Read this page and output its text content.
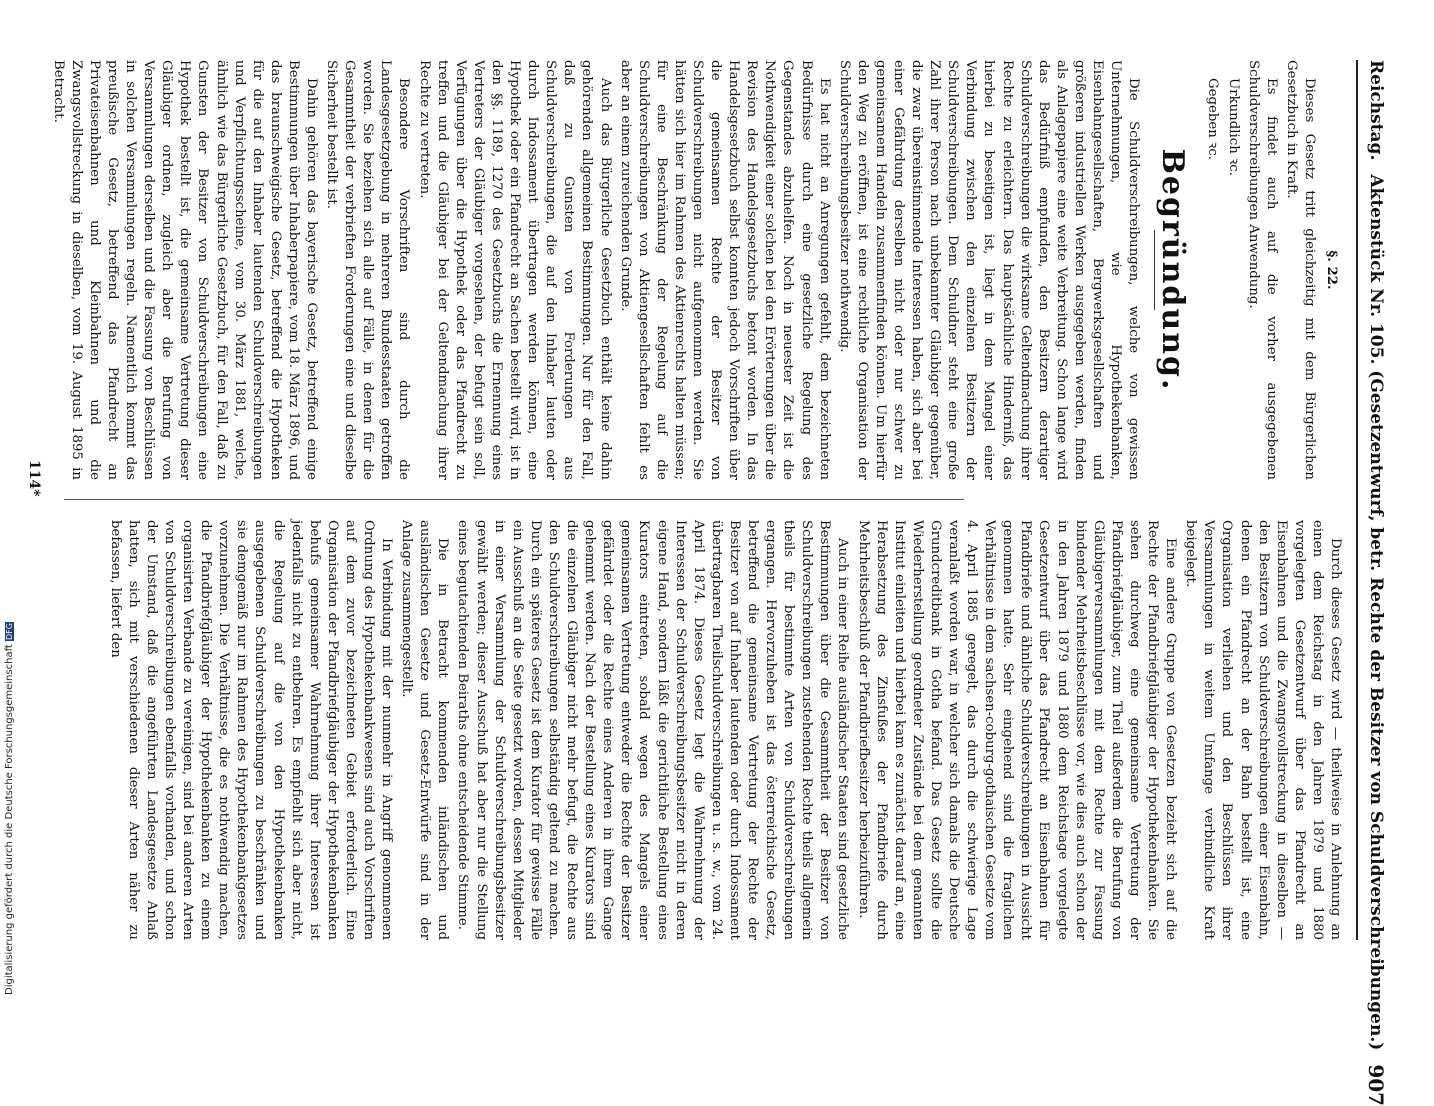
Reichstag.
Aktenstück Nr. 105. (Gesetzentwurf, betr. Rechte der Besitzer von Schuldverschreibungen.)
907
§. 22.

Dieses Gesetz tritt gleichzeitig mit dem Bürgerlichen Gesetzbuch in Kraft.

Es findet auch auf die vorher ausgegebenen Schuldverschreibungen Anwendung.

Urkundlich ꝛc.

Gegeben ꝛc.

Begründung.

Die Schuldverschreibungen, welche von gewissen Unternehmungen, wie Hypothekenbanken, Eisenbahngesellschaften, Bergwerksgesellschaften und größeren industriellen Werken ausgegeben werden, finden als Anlagepapiere eine weite Verbreitung. Schon lange wird das Bedürfniß empfunden, den Besitzern derartiger Schuldverschreibungen die wirksame Geltendmachung ihrer Rechte zu erleichtern. Das hauptsächliche Hinderniß, das hierbei zu beseitigen ist, liegt in dem Mangel einer Verbindung zwischen den einzelnen Besitzern der Schuldverschreibungen. Dem Schuldner steht eine große Zahl ihrer Person nach unbekannter Gläubiger gegenüber, die zwar übereinstimmende Interessen haben, sich aber bei einer Gefährdung derselben nicht oder nur schwer zu gemeinsamem Handeln zusammenfinden können. Um hierfür den Weg zu eröffnen, ist eine rechtliche Organisation der Schuldverschreibungsbesitzer nothwendig.

Es hat nicht an Anregungen gefehlt, dem bezeichneten Bedürfnisse durch eine gesetzliche Regelung des Gegenstandes abzuhelfen. Noch in neuester Zeit ist die Nothwendigkeit einer solchen bei den Erörterungen über die Revision des Handelsgesetzbuchs betont worden. In das Handelsgesetzbuch selbst konnten jedoch Vorschriften über die gemeinsamen Rechte der Besitzer von Schuldverschreibungen nicht aufgenommen werden. Sie hätten sich hier im Rahmen des Aktienrechts halten müssen; für eine Beschränkung der Regelung auf die Schuldverschreibungen von Aktiengesellschaften fehlt es aber an einem zureichenden Grunde.

Auch das Bürgerliche Gesetzbuch enthält keine dahin gehörenden allgemeinen Bestimmungen. Nur für den Fall, daß zu Gunsten von Forderungen aus Schuldverschreibungen, die auf den Inhaber lauten oder durch Indossament übertragen werden können, eine Hypothek oder ein Pfandrecht an Sachen bestellt wird, ist in den §§. 1189, 1270 des Gesetzbuchs die Ernennung eines Vertreters der Gläubiger vorgesehen, der befugt sein soll, Verfügungen über die Hypothek oder das Pfandrecht zu treffen und die Gläubiger bei der Geltendmachung ihrer Rechte zu vertreten.

Besondere Vorschriften sind durch die Landesgesetzgebung in mehreren Bundesstaaten getroffen worden. Sie beziehen sich alle auf Fälle, in denen für die Gesammtheit der verbrieften Forderungen eine und dieselbe Sicherheit bestellt ist.

Dahin gehören das bayerische Gesetz, betreffend einige Bestimmungen über Inhaberpapiere, vom 18. März 1896, und das braunschweigische Gesetz, betreffend die Hypotheken für die auf den Inhaber lautenden Schuldverschreibungen und Verpflichtungsscheine, vom 30. März 1881, welche, ähnlich wie das Bürgerliche Gesetzbuch, für den Fall, daß zu Gunsten der Besitzer von Schuldverschreibungen eine Hypothek bestellt ist, die gemeinsame Vertretung dieser Gläubiger ordnen, zugleich aber die Berufung von Versammlungen derselben und die Fassung von Beschlüssen in solchen Versammlungen regeln. Namentlich kommt das preußische Gesetz, betreffend das Pfandrecht an Privateisenbahnen und Kleinbahnen und die Zwangsvollstreckung in dieselben, vom 19. August 1895 in Betracht.

Durch dieses Gesetz wird — theilweise in Anlehnung an einen dem Reichstag in den Jahren 1879 und 1880 vorgelegten Gesetzentwurf über das Pfandrecht an Eisenbahnen und die Zwangsvollstreckung in dieselben — den Besitzern von Schuldverschreibungen einer Eisenbahn, denen ein Pfandrecht an der Bahn bestellt ist, eine Organisation verliehen und den Beschlüssen ihrer Versammlungen in weitem Umfange verbindliche Kraft beigelegt.

Eine andere Gruppe von Gesetzen bezieht sich auf die Rechte der Pfandbriefgläubiger der Hypothekenbanken. Sie sehen durchweg eine gemeinsame Vertretung der Pfandbriefgläubiger, zum Theil außerdem die Berufung von Gläubigerversammlungen mit dem Rechte zur Fassung bindender Mehrheitsbeschlüsse vor, wie dies auch schon der in den Jahren 1879 und 1880 dem Reichstage vorgelegte Gesetzentwurf über das Pfandrecht an Eisenbahnen für Pfandbriefe und ähnliche Schuldverschreibungen in Aussicht genommen hatte. Sehr eingehend sind die fraglichen Verhältnisse in dem sachsen-coburg-gothaischen Gesetze vom 4. April 1885 geregelt, das durch die schwierige Lage veranlaßt worden war, in welcher sich damals die Deutsche Grundcreditbank in Gotha befand. Das Gesetz sollte die Wiederherstellung geordneter Zustände bei dem genannten Institut einleiten und hierbei kam es zunächst darauf an, eine Herabsetzung des Zinsfußes der Pfandbriefe durch Mehrheitsbeschluß der Pfandbriefbesitzer herbeizuführen.

Auch in einer Reihe ausländischer Staaten sind gesetzliche Bestimmungen über die Gesammtheit der Besitzer von Schuldverschreibungen zustehenden Rechte theils allgemein theils für bestimmte Arten von Schuldverschreibungen ergangen. Hervorzuheben ist das österreichische Gesetz, betreffend die gemeinsame Vertretung der Rechte der Besitzer von auf Inhaber lautenden oder durch Indossament übertragbaren Theilschuldverschreibungen u. s. w., vom 24. April 1874. Dieses Gesetz legt die Wahrnehmung der Interessen der Schuldverschreibungsbesitzer nicht in deren eigene Hand, sondern läßt die gerichtliche Bestellung eines Kurators eintreten, sobald wegen des Mangels einer gemeinsamen Vertretung entweder die Rechte der Besitzer gefährdet oder die Rechte eines Anderen in ihrem Gange gehemmt werden. Nach der Bestellung eines Kurators sind die einzelnen Gläubiger nicht mehr befugt, die Rechte aus den Schuldverschreibungen selbständig geltend zu machen. Durch ein späteres Gesetz ist dem Kurator für gewisse Fälle ein Ausschuß an die Seite gesetzt worden, dessen Mitglieder in einer Versammlung der Schuldverschreibungsbesitzer gewählt werden; dieser Ausschuß hat aber nur die Stellung eines begutachtenden Beiraths ohne entscheidende Stimme.

Die in Betracht kommenden inländischen und ausländischen Gesetze und Gesetz-Entwürfe sind in der Anlage zusammengestellt.

In Verbindung mit der nunmehr in Angriff genommenen Ordnung des Hypothekenbankwesens sind auch Vorschriften auf dem zuvor bezeichneten Gebiet erforderlich. Eine Organisation der Pfandbriefgläubiger der Hypothekenbanken behufs gemeinsamer Wahrnehmung ihrer Interessen ist jedenfalls nicht zu entbehren. Es empfiehlt sich aber nicht, die Regelung auf die von den Hypothekenbanken ausgegebenen Schuldverschreibungen zu beschränken und sie demgemäß nur im Rahmen des Hypothekenbankgesetzes vorzunehmen. Die Verhältnisse, die es nothwendig machen, die Pfandbriefgläubiger der Hypothekenbanken zu einem organisirten Verbande zu vereinigen, sind bei anderen Arten von Schuldverschreibungen ebenfalls vorhanden, und schon der Umstand, daß die angeführten Landesgesetze Anlaß hatten, sich mit verschiedenen dieser Arten näher zu befassen, liefert den

114*
Digitalisierung gefördert durch die Deutsche Forschungsgemeinschaft DFG
